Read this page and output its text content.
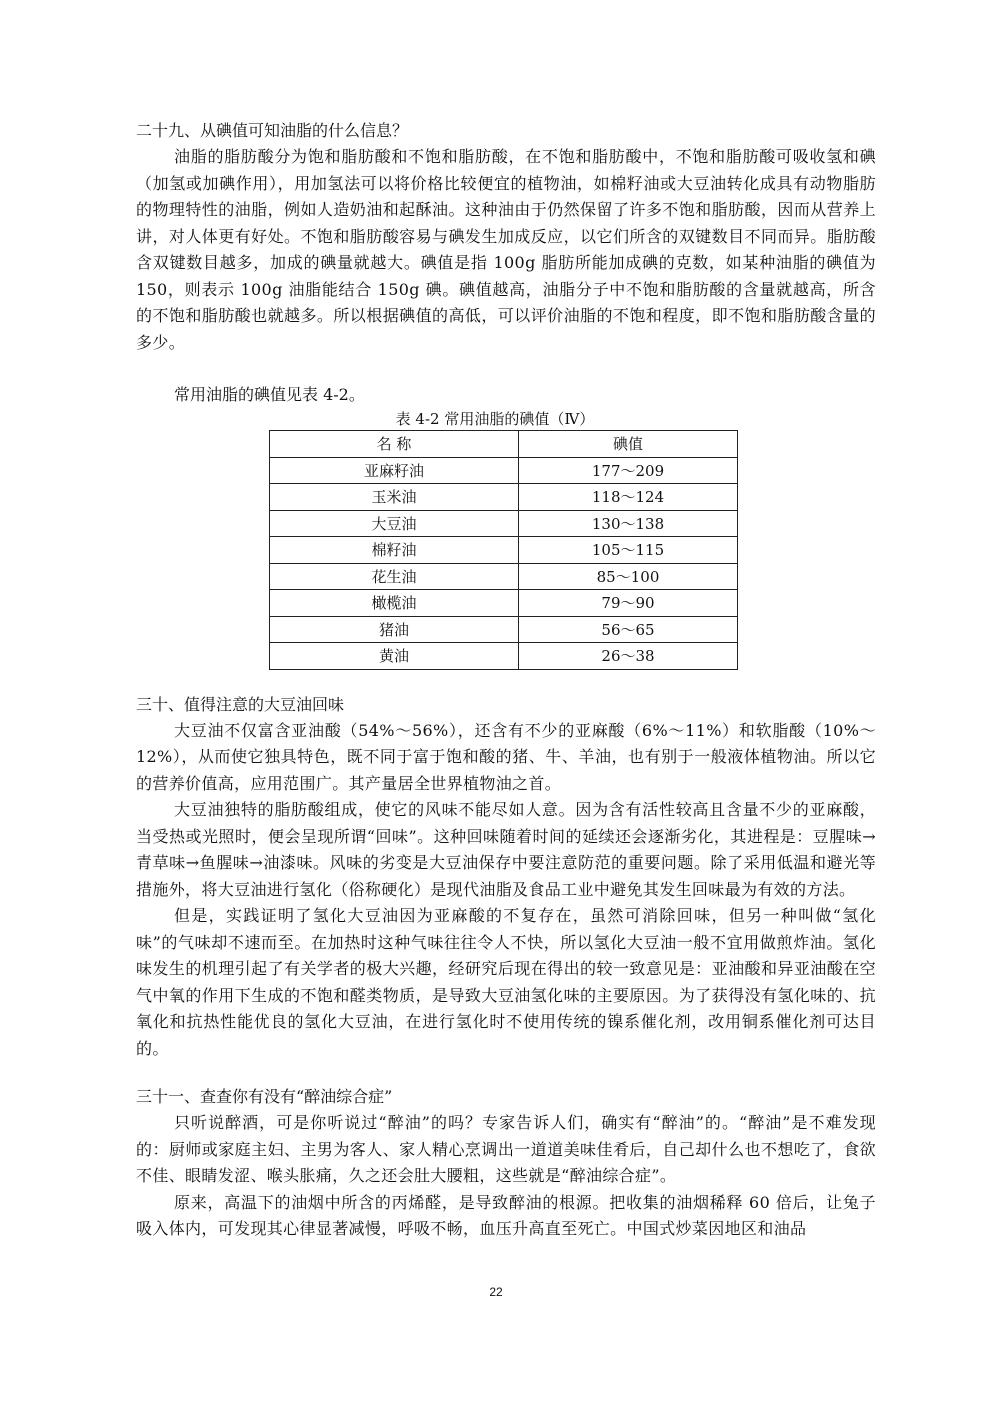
二十九、从碘值可知油脂的什么信息？

油脂的脂肪酸分为饱和脂肪酸和不饱和脂肪酸，在不饱和脂肪酸中，不饱和脂肪酸可吸收氢和碘（加氢或加碘作用），用加氢法可以将价格比较便宜的植物油，如棉籽油或大豆油转化成具有动物脂肪的物理特性的油脂，例如人造奶油和起酥油。这种油由于仍然保留了许多不饱和脂肪酸，因而从营养上讲，对人体更有好处。不饱和脂肪酸容易与碘发生加成反应，以它们所含的双键数目不同而异。脂肪酸含双键数目越多，加成的碘量就越大。碘值是指 100g 脂肪所能加成碘的克数，如某种油脂的碘值为 150，则表示 100g 油脂能结合 150g 碘。碘值越高，油脂分子中不饱和脂肪酸的含量就越高，所含的不饱和脂肪酸也就越多。所以根据碘值的高低，可以评价油脂的不饱和程度，即不饱和脂肪酸含量的多少。

常用油脂的碘值见表 4-2。

表 4-2 常用油脂的碘值（Ⅳ）

名 称	碘值
亚麻籽油	177～209
玉米油	118～124
大豆油	130～138
棉籽油	105～115
花生油	85～100
橄榄油	79～90
猪油	56～65
黄油	26～38

三十、值得注意的大豆油回味

大豆油不仅富含亚油酸（54%～56%），还含有不少的亚麻酸（6%～11%）和软脂酸（10%～12%），从而使它独具特色，既不同于富于饱和酸的猪、牛、羊油，也有别于一般液体植物油。所以它的营养价值高，应用范围广。其产量居全世界植物油之首。

大豆油独特的脂肪酸组成，使它的风味不能尽如人意。因为含有活性较高且含量不少的亚麻酸，当受热或光照时，便会呈现所谓“回味”。这种回味随着时间的延续还会逐渐劣化，其进程是：豆腥味→青草味→鱼腥味→油漆味。风味的劣变是大豆油保存中要注意防范的重要问题。除了采用低温和避光等措施外，将大豆油进行氢化（俗称硬化）是现代油脂及食品工业中避免其发生回味最为有效的方法。

但是，实践证明了氢化大豆油因为亚麻酸的不复存在，虽然可消除回味，但另一种叫做“氢化味”的气味却不速而至。在加热时这种气味往往令人不快，所以氢化大豆油一般不宜用做煎炸油。氢化味发生的机理引起了有关学者的极大兴趣，经研究后现在得出的较一致意见是：亚油酸和异亚油酸在空气中氧的作用下生成的不饱和醛类物质，是导致大豆油氢化味的主要原因。为了获得没有氢化味的、抗氧化和抗热性能优良的氢化大豆油，在进行氢化时不使用传统的镍系催化剂，改用铜系催化剂可达目的。

三十一、查查你有没有“醉油综合症”

只听说醉酒，可是你听说过“醉油”的吗？专家告诉人们，确实有“醉油”的。“醉油”是不难发现的：厨师或家庭主妇、主男为客人、家人精心烹调出一道道美味佳肴后，自己却什么也不想吃了，食欲不佳、眼睛发涩、喉头胀痛，久之还会肚大腰粗，这些就是“醉油综合症”。

原来，高温下的油烟中所含的丙烯醛，是导致醉油的根源。把收集的油烟稀释 60 倍后，让兔子吸入体内，可发现其心律显著减慢，呼吸不畅，血压升高直至死亡。中国式炒菜因地区和油品

22
